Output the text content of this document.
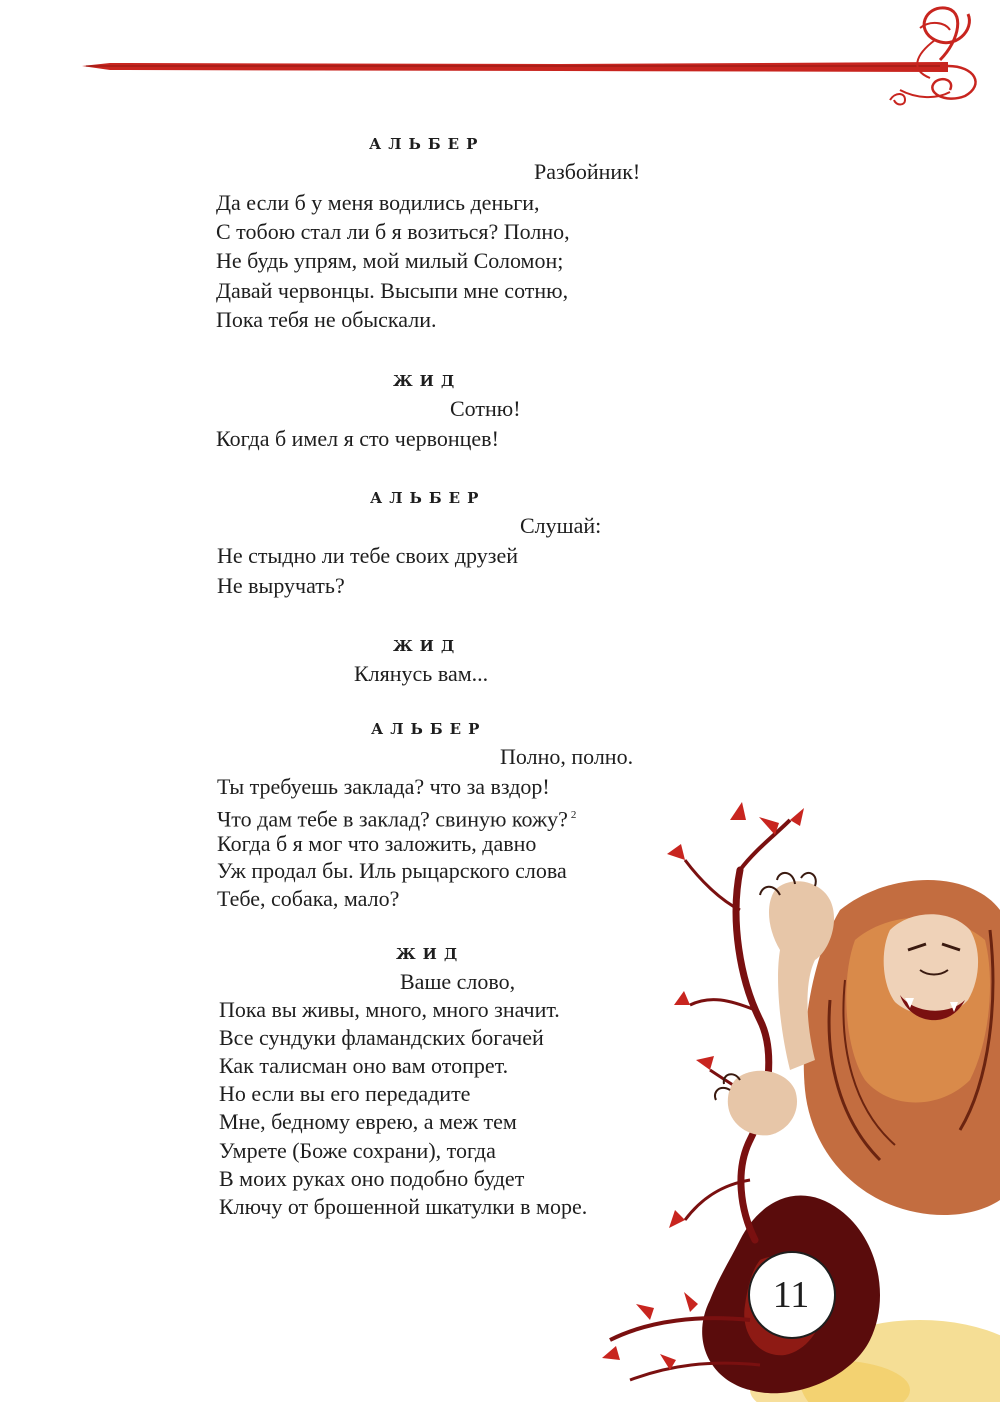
АЛЬБЕР
Разбойник!
Да если б у меня водились деньги,
С тобою стал ли б я возиться? Полно,
Не будь упрям, мой милый Соломон;
Давай червонцы. Высыпи мне сотню,
Пока тебя не обыскали.
ЖИД
Сотню!
Когда б имел я сто червонцев!
АЛЬБЕР
Слушай:
Не стыдно ли тебе своих друзей
Не выручать?
ЖИД
Клянусь вам...
АЛЬБЕР
Полно, полно.
Ты требуешь заклада? что за вздор!
Что дам тебе в заклад? свиную кожу? $^2$
Когда б я мог что заложить, давно
Уж продал бы. Иль рыцарского слова
Тебе, собака, мало?
ЖИД
Ваше слово,
Пока вы живы, много, много значит.
Все сундуки фламандских богачей
Как талисман оно вам отопрет.
Но если вы его передадите
Мне, бедному еврею, а меж тем
Умрете (Боже сохрани), тогда
В моих руках оно подобно будет
Ключу от брошенной шкатулки в море.
11
